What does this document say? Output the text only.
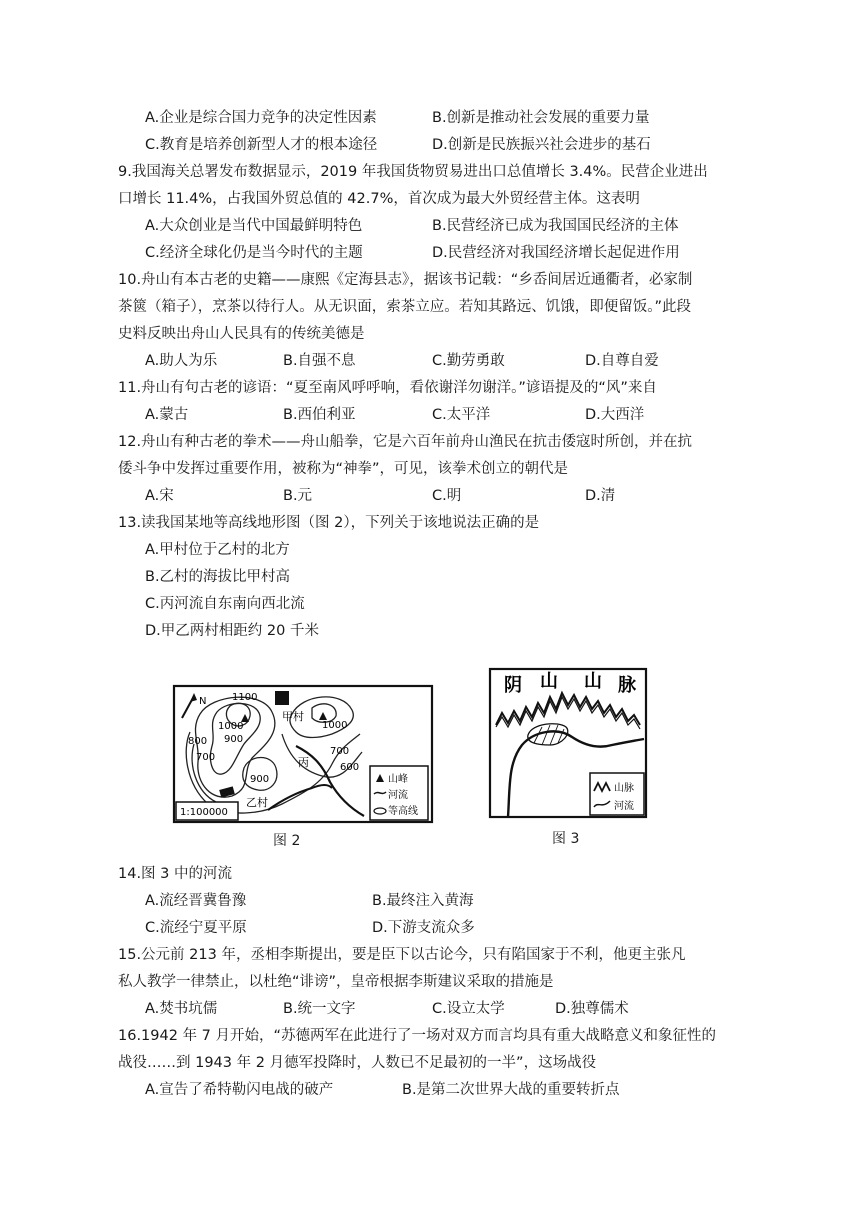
A.企业是综合国力竞争的决定性因素	B.创新是推动社会发展的重要力量
C.教育是培养创新型人才的根本途径	D.创新是民族振兴社会进步的基石
9.我国海关总署发布数据显示，2019 年我国货物贸易进出口总值增长 3.4%。民营企业进出
口增长 11.4%，占我国外贸总值的 42.7%，首次成为最大外贸经营主体。这表明
A.大众创业是当代中国最鲜明特色	B.民营经济已成为我国国民经济的主体
C.经济全球化仍是当今时代的主题	D.民营经济对我国经济增长起促进作用
10.舟山有本古老的史籍——康熙《定海县志》，据该书记载：“乡岙间居近通衢者，必家制
茶篋（箱子），烹茶以待行人。从无识面，索茶立应。若知其路远、饥饿，即便留饭。”此段
史料反映出舟山人民具有的传统美德是
A.助人为乐	B.自强不息	C.勤劳勇敢	D.自尊自爱
11.舟山有句古老的谚语：“夏至南风呼呼响，看依谢洋勿谢洋。”谚语提及的“风”来自
A.蒙古	B.西伯利亚	C.太平洋	D.大西洋
12.舟山有种古老的拳术——舟山船拳，它是六百年前舟山渔民在抗击倭寇时所创，并在抗
倭斗争中发挥过重要作用，被称为“神拳”，可见，该拳术创立的朝代是
A.宋	B.元	C.明	D.清
13.读我国某地等高线地形图（图 2），下列关于该地说法正确的是
A.甲村位于乙村的北方
B.乙村的海拔比甲村高
C.丙河流自东南向西北流
D.甲乙两村相距约 20 千米
N	1100
1000	1000
900
800
700
700
600
900
甲村
乙村
丙
1:100000
山峰
河流
等高线
图 2
阴 山 山 脉
山脉
河流
图 3
14.图 3 中的河流
A.流经晋冀鲁豫	B.最终注入黄海
C.流经宁夏平原	D.下游支流众多
15.公元前 213 年，丞相李斯提出，要是臣下以古论今，只有陷国家于不利，他更主张凡
私人教学一律禁止，以杜绝“诽谤”，皇帝根据李斯建议采取的措施是
A.焚书坑儒	B.统一文字	C.设立太学	D.独尊儒术
16.1942 年 7 月开始，“苏德两军在此进行了一场对双方而言均具有重大战略意义和象征性的
战役……到 1943 年 2 月德军投降时，人数已不足最初的一半”，这场战役
A.宣告了希特勒闪电战的破产	B.是第二次世界大战的重要转折点
